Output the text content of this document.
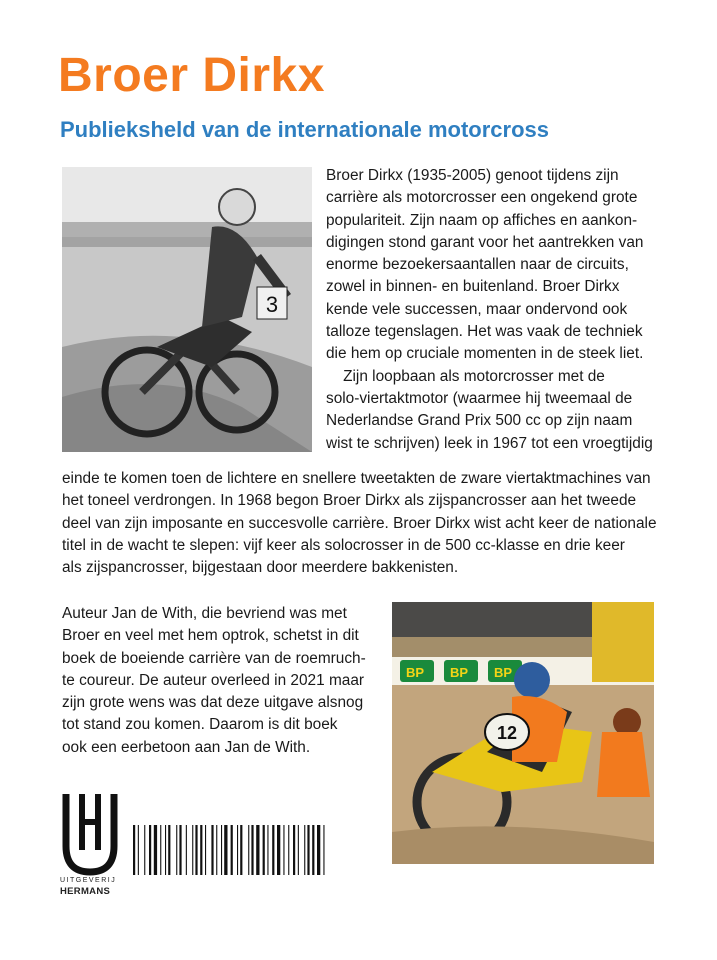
Broer Dirkx
Publieksheld van de internationale motorcross
3
BP BP BP
12
Broer Dirkx (1935-2005) genoot tijdens zijn
carrière als motorcrosser een ongekend grote
populariteit. Zijn naam op affiches en aankon-
digingen stond garant voor het aantrekken van
enorme bezoekersaantallen naar de circuits,
zowel in binnen- en buitenland. Broer Dirkx
kende vele successen, maar ondervond ook
talloze tegenslagen. Het was vaak de techniek
die hem op cruciale momenten in de steek liet.
Zijn loopbaan als motorcrosser met de
solo-viertaktmotor (waarmee hij tweemaal de
Nederlandse Grand Prix 500 cc op zijn naam
wist te schrijven) leek in 1967 tot een vroegtijdig
einde te komen toen de lichtere en snellere tweetakten de zware viertaktmachines van
het toneel verdrongen. In 1968 begon Broer Dirkx als zijspancrosser aan het tweede
deel van zijn imposante en succesvolle carrière. Broer Dirkx wist acht keer de nationale
titel in de wacht te slepen: vijf keer als solocrosser in de 500 cc-klasse en drie keer
als zijspancrosser, bijgestaan door meerdere bakkenisten.
Auteur Jan de With, die bevriend was met
Broer en veel met hem optrok, schetst in dit
boek de boeiende carrière van de roemruch-
te coureur. De auteur overleed in 2021 maar
zijn grote wens was dat deze uitgave alsnog
tot stand zou komen. Daarom is dit boek
ook een eerbetoon aan Jan de With.
UITGEVERIJ
HERMANS
